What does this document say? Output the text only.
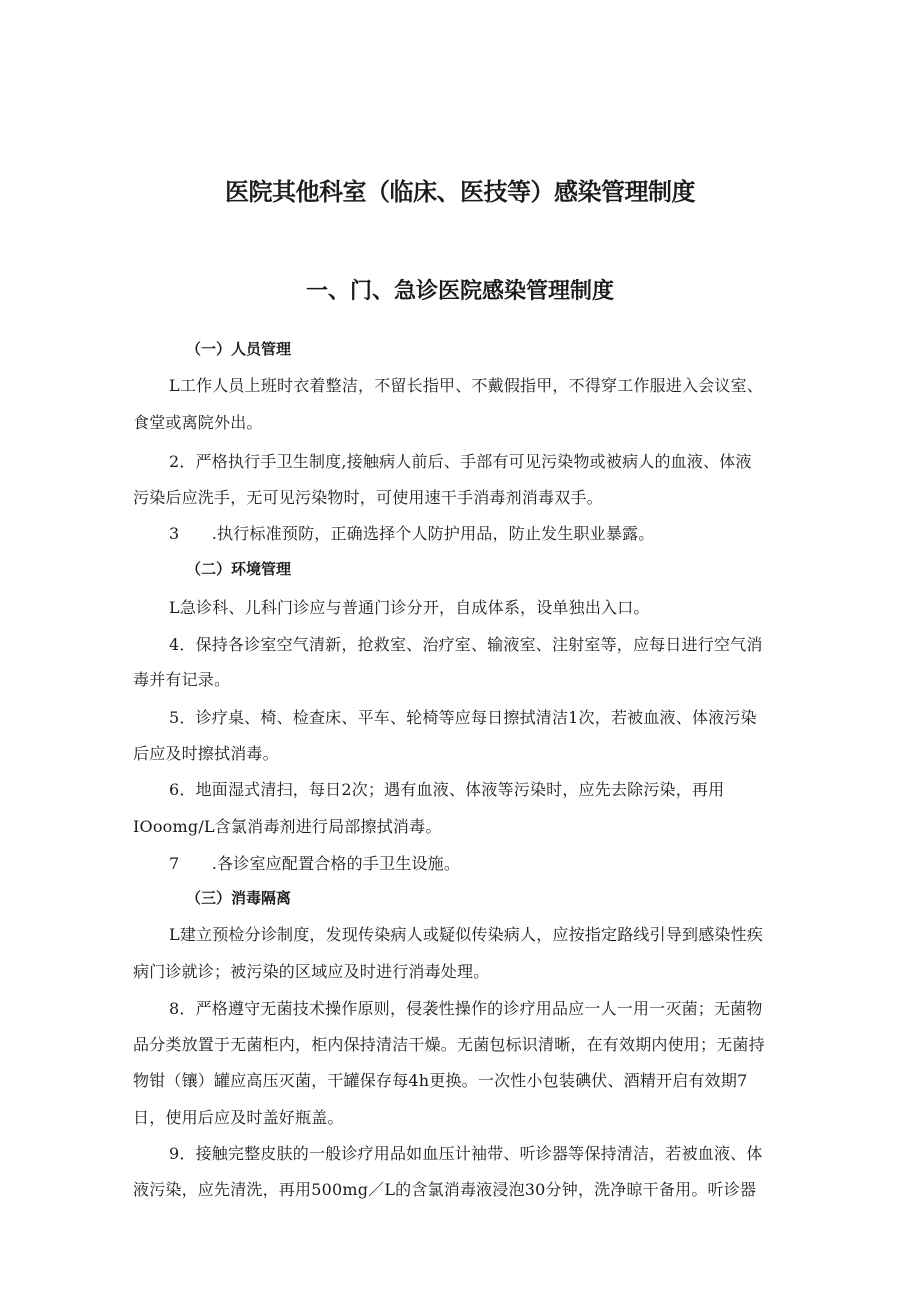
医院其他科室（临床、医技等）感染管理制度
一、门、急诊医院感染管理制度

（一）人员管理

L工作人员上班时衣着整洁，不留长指甲、不戴假指甲，不得穿工作服进入会议室、

食堂或离院外出。

2．严格执行手卫生制度,接触病人前后、手部有可见污染物或被病人的血液、体液

污染后应洗手，无可见污染物时，可使用速干手消毒剂消毒双手。

3　　.执行标准预防，正确选择个人防护用品，防止发生职业暴露。

（二）环境管理

L急诊科、儿科门诊应与普通门诊分开，自成体系，设单独出入口。

4．保持各诊室空气清新，抢救室、治疗室、输液室、注射室等，应每日进行空气消

毒并有记录。

5．诊疗桌、椅、检查床、平车、轮椅等应每日擦拭清洁1次，若被血液、体液污染

后应及时擦拭消毒。

6．地面湿式清扫，每日2次；遇有血液、体液等污染时，应先去除污染，再用

IOoomg/L含氯消毒剂进行局部擦拭消毒。

7　　.各诊室应配置合格的手卫生设施。

（三）消毒隔离

L建立预检分诊制度，发现传染病人或疑似传染病人，应按指定路线引导到感染性疾

病门诊就诊；被污染的区域应及时进行消毒处理。

8．严格遵守无菌技术操作原则，侵袭性操作的诊疗用品应一人一用一灭菌；无菌物

品分类放置于无菌柜内，柜内保持清洁干燥。无菌包标识清晰，在有效期内使用；无菌持

物钳（镶）罐应高压灭菌，干罐保存每4h更换。一次性小包装碘伏、酒精开启有效期7

日，使用后应及时盖好瓶盖。

9．接触完整皮肤的一般诊疗用品如血压计袖带、听诊器等保持清洁，若被血液、体

液污染，应先清洗，再用500mg／L的含氯消毒液浸泡30分钟，洗净晾干备用。听诊器
